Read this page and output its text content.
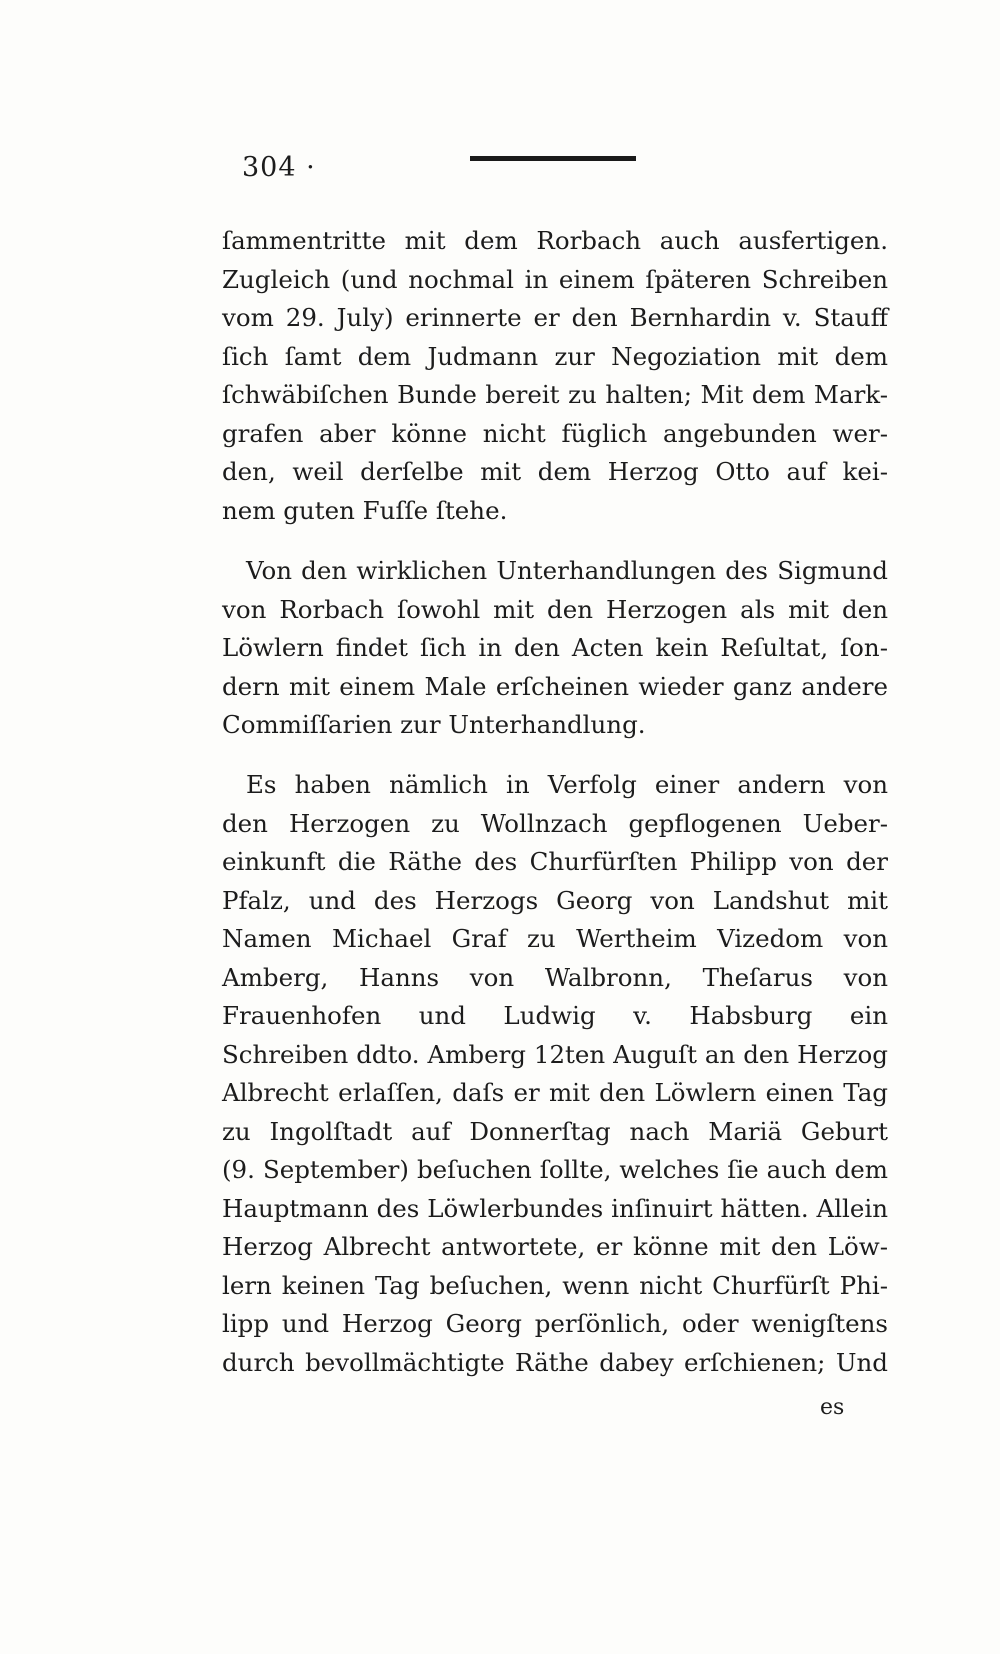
304 ·
ſammentritte mit dem Rorbach auch ausfertigen.
Zugleich (und nochmal in einem ſpäteren Schreiben
vom 29. July) erinnerte er den Bernhardin v. Stauff
ſich ſamt dem Judmann zur Negoziation mit dem
ſchwäbiſchen Bunde bereit zu halten; Mit dem Mark-
grafen aber könne nicht füglich angebunden wer-
den, weil derſelbe mit dem Herzog Otto auf kei-
nem guten Fuſſe ſtehe.
Von den wirklichen Unterhandlungen des Sigmund
von Rorbach ſowohl mit den Herzogen als mit den
Löwlern findet ſich in den Acten kein Reſultat, ſon-
dern mit einem Male erſcheinen wieder ganz andere
Commiſſarien zur Unterhandlung.
Es haben nämlich in Verfolg einer andern von
den Herzogen zu Wollnzach gepflogenen Ueber-
einkunft die Räthe des Churfürſten Philipp von der
Pfalz, und des Herzogs Georg von Landshut mit
Namen Michael Graf zu Wertheim Vizedom von
Amberg, Hanns von Walbronn, Theſarus von
Frauenhofen und Ludwig v. Habsburg ein
Schreiben ddto. Amberg 12ten Auguſt an den Herzog
Albrecht erlaſſen, daſs er mit den Löwlern einen Tag
zu Ingolſtadt auf Donnerſtag nach Mariä Geburt
(9. September) beſuchen ſollte, welches ſie auch dem
Hauptmann des Löwlerbundes inſinuirt hätten. Allein
Herzog Albrecht antwortete, er könne mit den Löw-
lern keinen Tag beſuchen, wenn nicht Churfürſt Phi-
lipp und Herzog Georg perſönlich, oder wenigſtens
durch bevollmächtigte Räthe dabey erſchienen; Und
es
